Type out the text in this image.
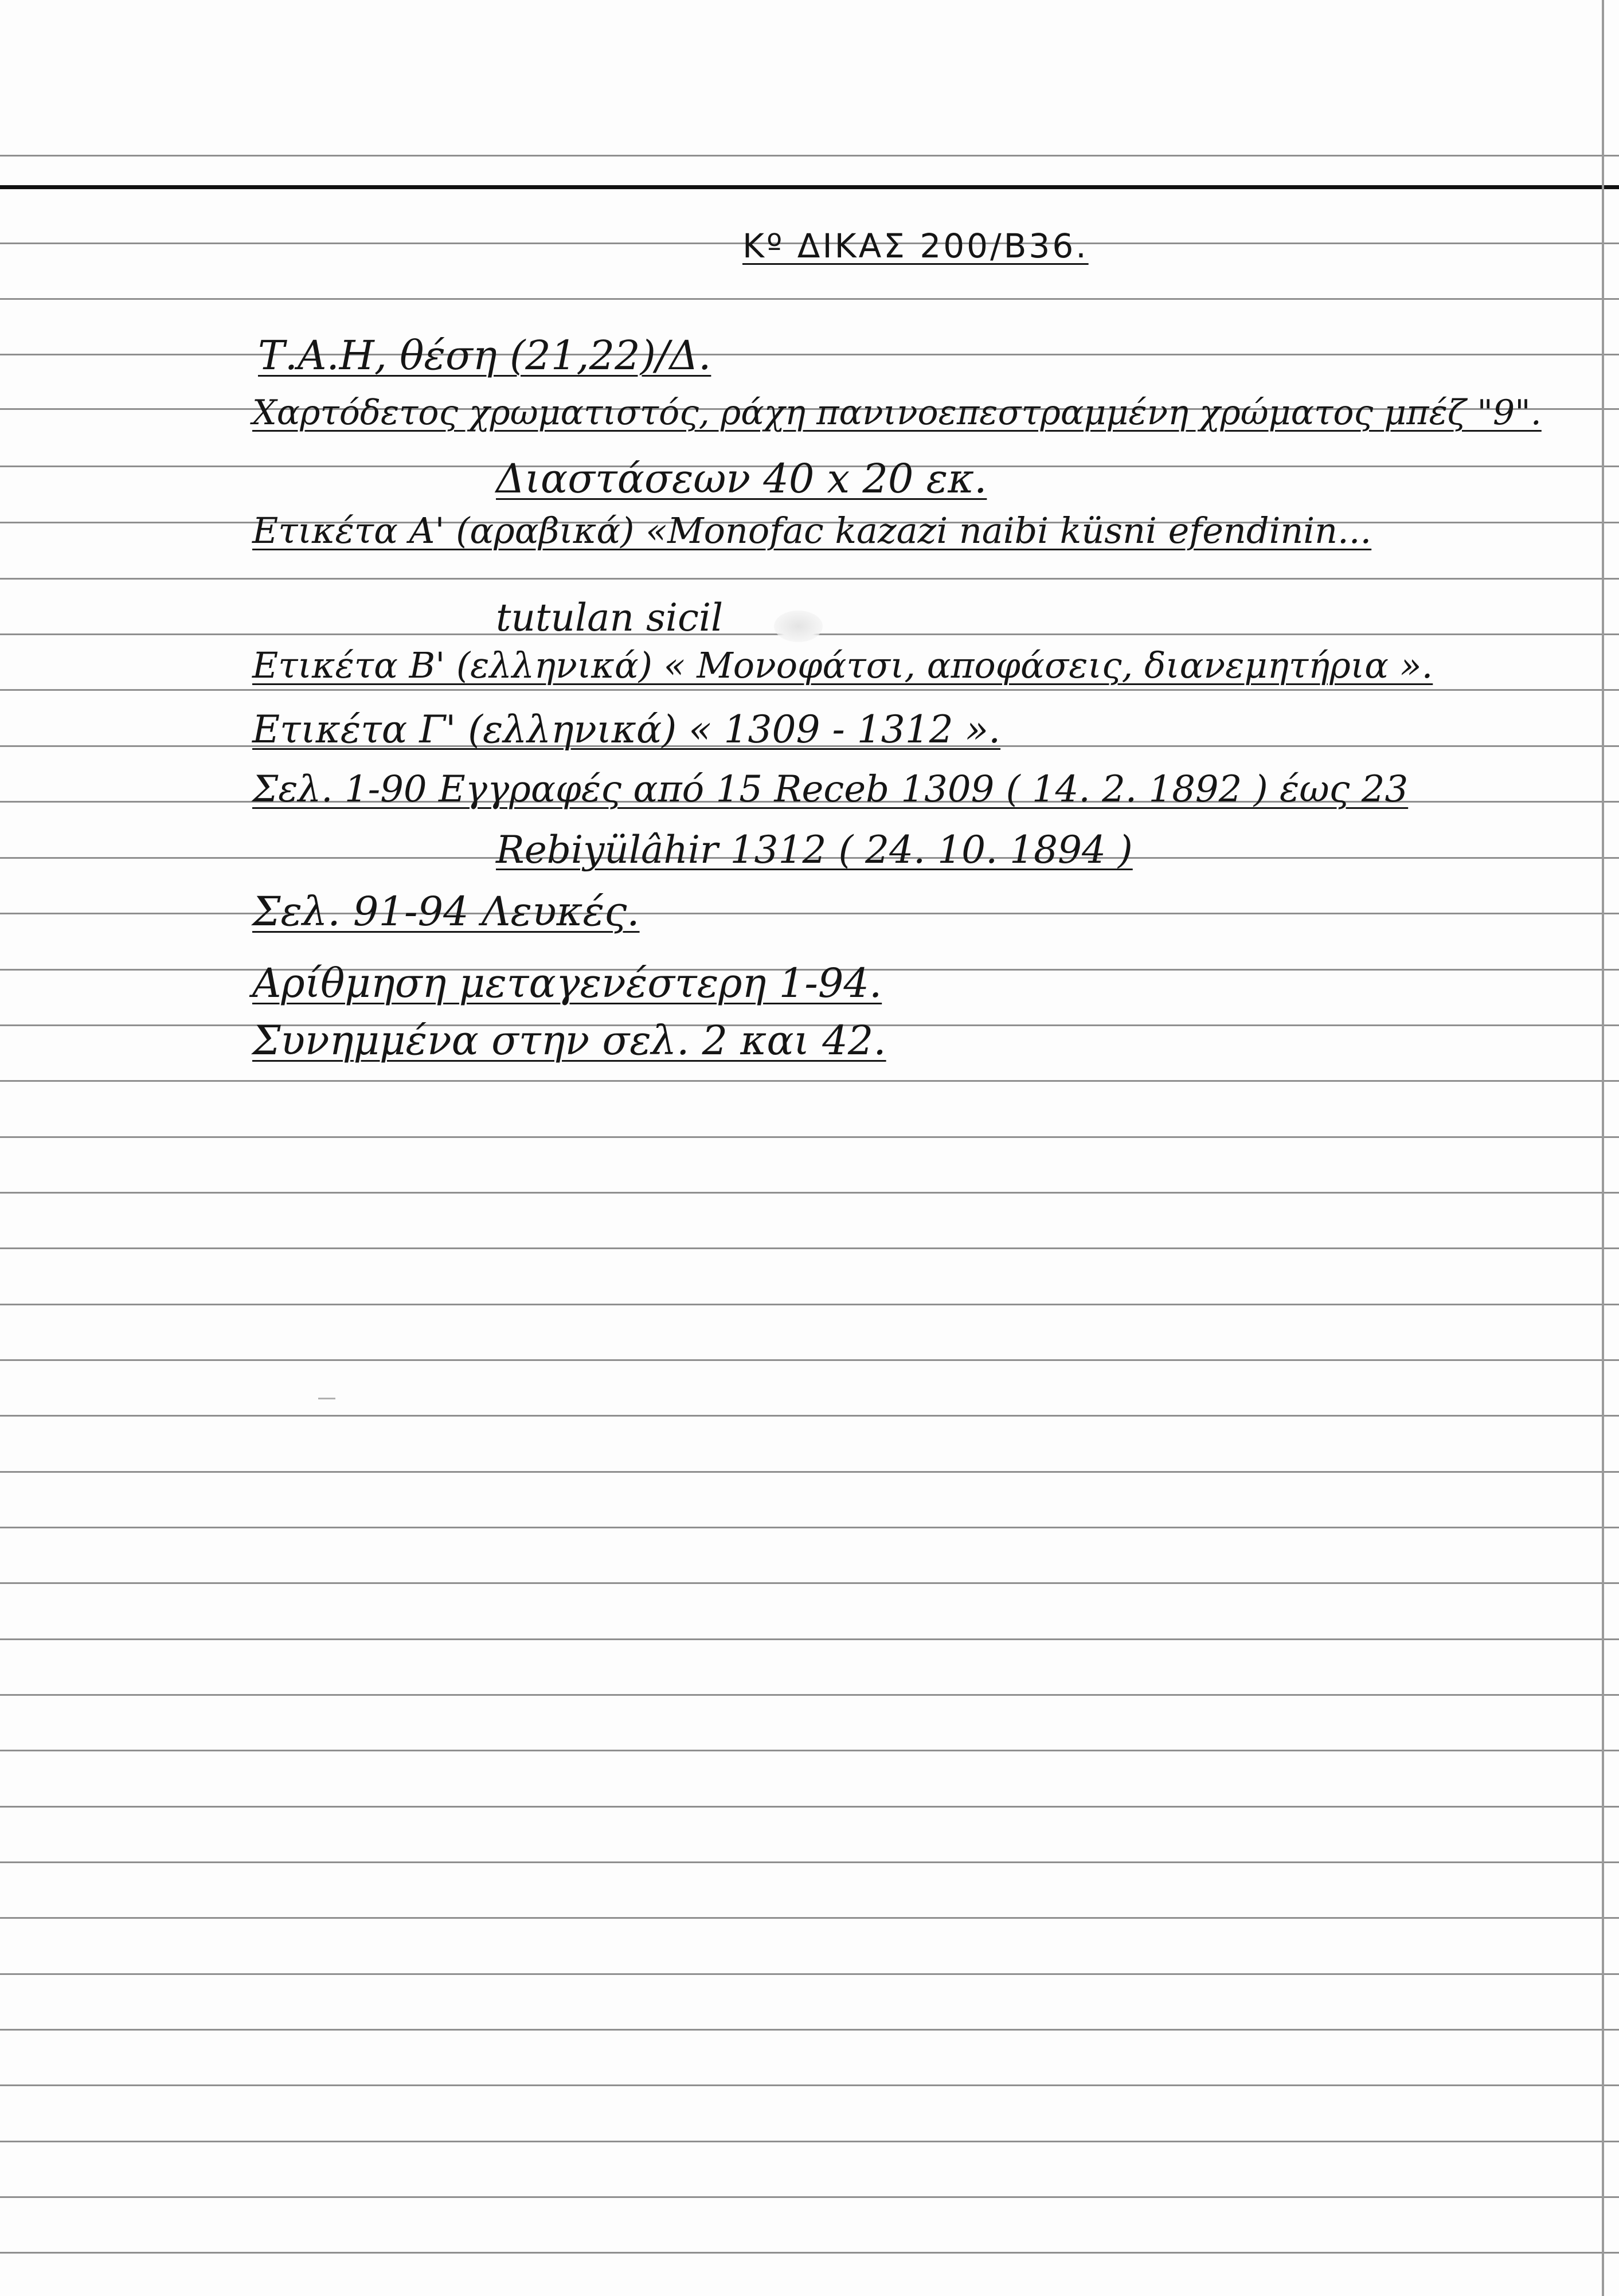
Κº ΔΙΚΑΣ 200/Β36.
Τ.Α.Η, θέση (21,22)/Δ.
Χαρτόδετος χρωματιστός, ράχη πανινοεπεστραμμένη χρώματος μπέζ "9".
Διαστάσεων 40 x 20 εκ.
Ετικέτα Α' (αραβικά) «Monofac kazazi naibi küsni efendinin...
tutulan sicil
Ετικέτα Β' (ελληνικά) « Μονοφάτσι, αποφάσεις, διανεμητήρια ».
Ετικέτα Γ' (ελληνικά) « 1309 - 1312 ».
Σελ. 1-90 Εγγραφές από 15 Receb 1309 ( 14. 2. 1892 ) έως 23
Rebiyülâhir 1312 ( 24. 10. 1894 )
Σελ. 91-94 Λευκές.
Αρίθμηση μεταγενέστερη 1-94.
Συνημμένα στην σελ. 2 και 42.
